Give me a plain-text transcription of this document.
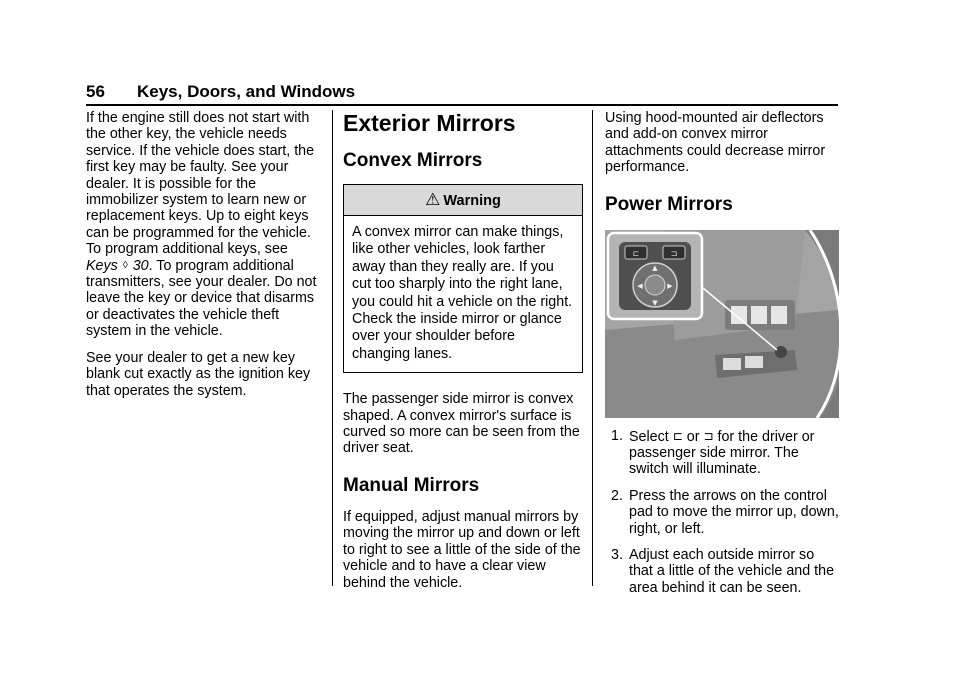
56 Keys, Doors, and Windows

If the engine still does not start with the other key, the vehicle needs service. If the vehicle does start, the first key may be faulty. See your dealer. It is possible for the immobilizer system to learn new or replacement keys. Up to eight keys can be programmed for the vehicle. To program additional keys, see Keys ◊ 30. To program additional transmitters, see your dealer. Do not leave the key or device that disarms or deactivates the vehicle theft system in the vehicle.

See your dealer to get a new key blank cut exactly as the ignition key that operates the system.

Exterior Mirrors
Convex Mirrors
⚠ Warning
A convex mirror can make things, like other vehicles, look farther away than they really are. If you cut too sharply into the right lane, you could hit a vehicle on the right. Check the inside mirror or glance over your shoulder before changing lanes.

The passenger side mirror is convex shaped. A convex mirror's surface is curved so more can be seen from the driver seat.

Manual Mirrors

If equipped, adjust manual mirrors by moving the mirror up and down or left to right to see a little of the side of the vehicle and to have a clear view behind the vehicle.

Using hood-mounted air deflectors and add-on convex mirror attachments could decrease mirror performance.

Power Mirrors
⊏	⊐
▲
▼
◀	▶
1. Select ⊏ or ⊐ for the driver or passenger side mirror. The switch will illuminate.
2. Press the arrows on the control pad to move the mirror up, down, right, or left.
3. Adjust each outside mirror so that a little of the vehicle and the area behind it can be seen.
